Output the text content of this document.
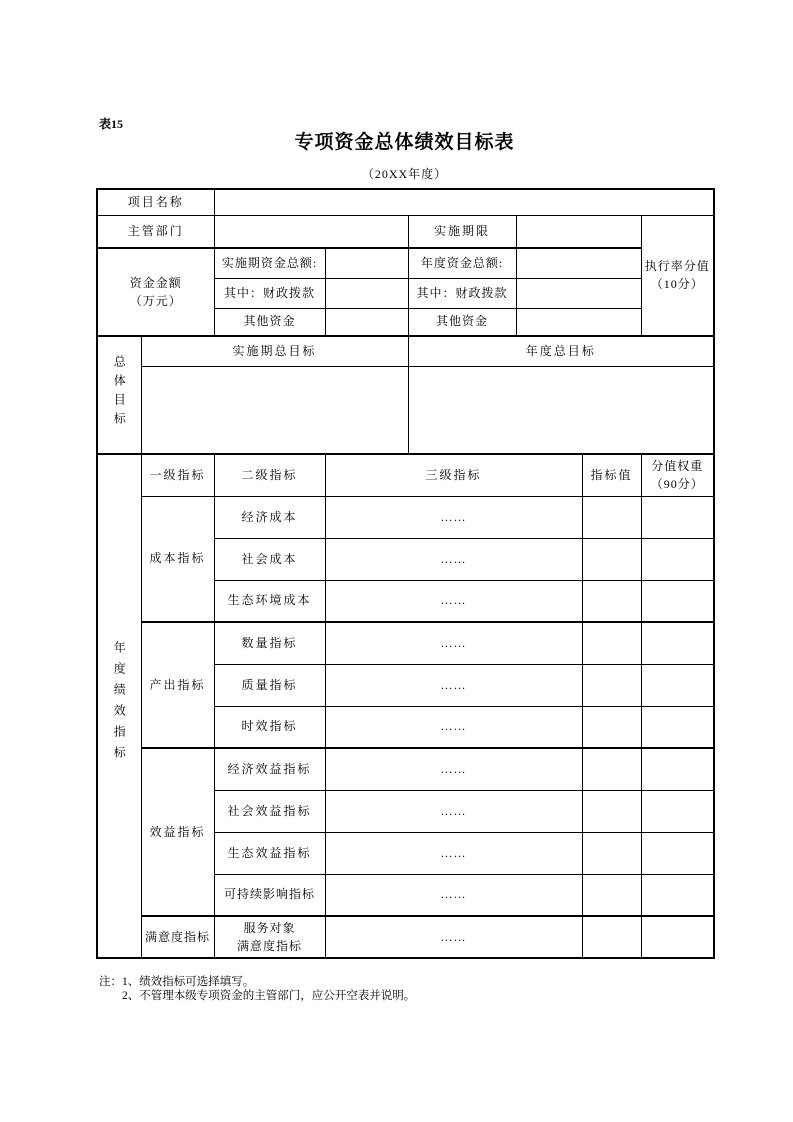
表15
专项资金总体绩效目标表
（20XX年度）
项目名称							
主管部门				实施期限			执行率分值
（10分）

资金金额
（万元）		实施期资金总额:		年度资金总额:			
		其中：财政拨款		其中：财政拨款			
		其他资金		其他资金			
总体目标	实施期总目标			年度总目标			

年度绩效指标	一级指标	二级指标	三级指标			指标值	分值权重
（90分）

	成本指标	经济成本	……				
		社会成本	……				
		生态环境成本	……				
	产出指标	数量指标	……				
		质量指标	……				
		时效指标	……				
	效益指标	经济效益指标	……				
		社会效益指标	……				
		生态效益指标	……				
		可持续影响指标	……				
	满意度指标	服务对象
满意度指标	……				
注： 1、绩效指标可选择填写。
2、不管理本级专项资金的主管部门，应公开空表并说明。
